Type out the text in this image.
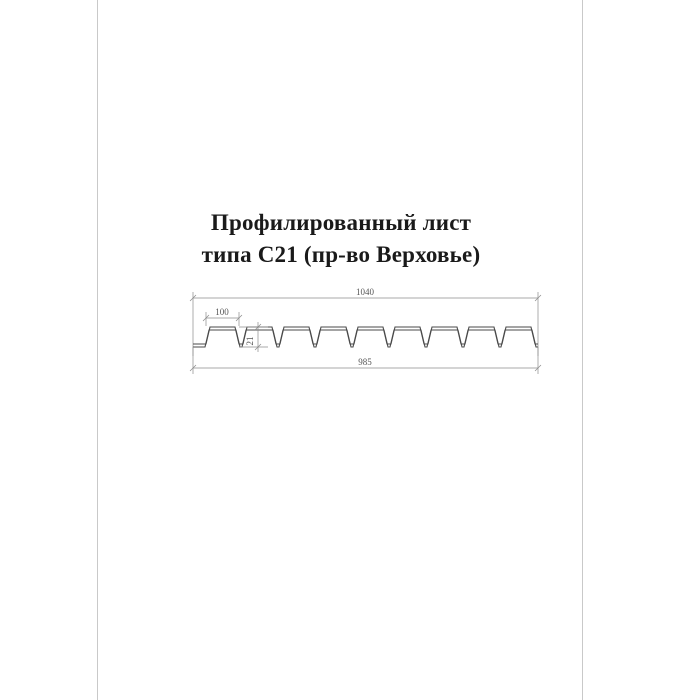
Профилированный лист
типа С21 (пр-во Верховье)
1040
100
21
985
